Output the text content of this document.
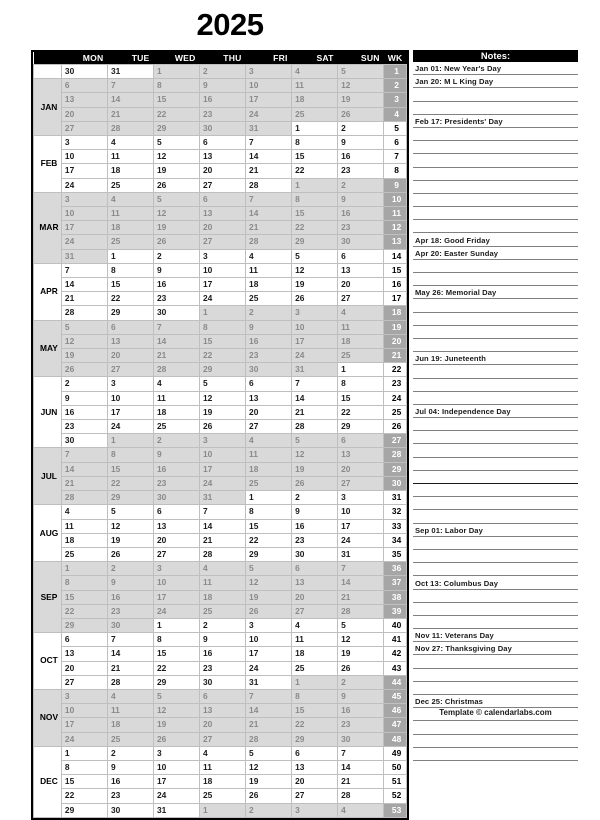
2025
	MON	TUE	WED	THU	FRI	SAT	SUN	WK
	30	31	1	2	3	4	5	1
JAN	6	7	8	9	10	11	12	2
	13	14	15	16	17	18	19	3
	20	21	22	23	24	25	26	4
	27	28	29	30	31	1	2	5
FEB	3	4	5	6	7	8	9	6
	10	11	12	13	14	15	16	7
	17	18	19	20	21	22	23	8
	24	25	26	27	28	1	2	9
MAR	3	4	5	6	7	8	9	10
	10	11	12	13	14	15	16	11
	17	18	19	20	21	22	23	12
	24	25	26	27	28	29	30	13
	31	1	2	3	4	5	6	14
APR	7	8	9	10	11	12	13	15
	14	15	16	17	18	19	20	16
	21	22	23	24	25	26	27	17
	28	29	30	1	2	3	4	18
MAY	5	6	7	8	9	10	11	19
	12	13	14	15	16	17	18	20
	19	20	21	22	23	24	25	21
	26	27	28	29	30	31	1	22
JUN	2	3	4	5	6	7	8	23
	9	10	11	12	13	14	15	24
	16	17	18	19	20	21	22	25
	23	24	25	26	27	28	29	26
	30	1	2	3	4	5	6	27
JUL	7	8	9	10	11	12	13	28
	14	15	16	17	18	19	20	29
	21	22	23	24	25	26	27	30
	28	29	30	31	1	2	3	31
AUG	4	5	6	7	8	9	10	32
	11	12	13	14	15	16	17	33
	18	19	20	21	22	23	24	34
	25	26	27	28	29	30	31	35
SEP	1	2	3	4	5	6	7	36
	8	9	10	11	12	13	14	37
	15	16	17	18	19	20	21	38
	22	23	24	25	26	27	28	39
	29	30	1	2	3	4	5	40
OCT	6	7	8	9	10	11	12	41
	13	14	15	16	17	18	19	42
	20	21	22	23	24	25	26	43
	27	28	29	30	31	1	2	44
NOV	3	4	5	6	7	8	9	45
	10	11	12	13	14	15	16	46
	17	18	19	20	21	22	23	47
	24	25	26	27	28	29	30	48
DEC	1	2	3	4	5	6	7	49
	8	9	10	11	12	13	14	50
	15	16	17	18	19	20	21	51
	22	23	24	25	26	27	28	52
	29	30	31	1	2	3	4	53
Notes:
Jan 01: New Year's Day
Jan 20: M L King Day
Feb 17: Presidents' Day
Apr 18: Good Friday
Apr 20: Easter Sunday
May 26: Memorial Day
Jun 19: Juneteenth
Jul 04: Independence Day
Sep 01: Labor Day
Oct 13: Columbus Day
Nov 11: Veterans Day
Nov 27: Thanksgiving Day
Dec 25: Christmas
Template © calendarlabs.com
